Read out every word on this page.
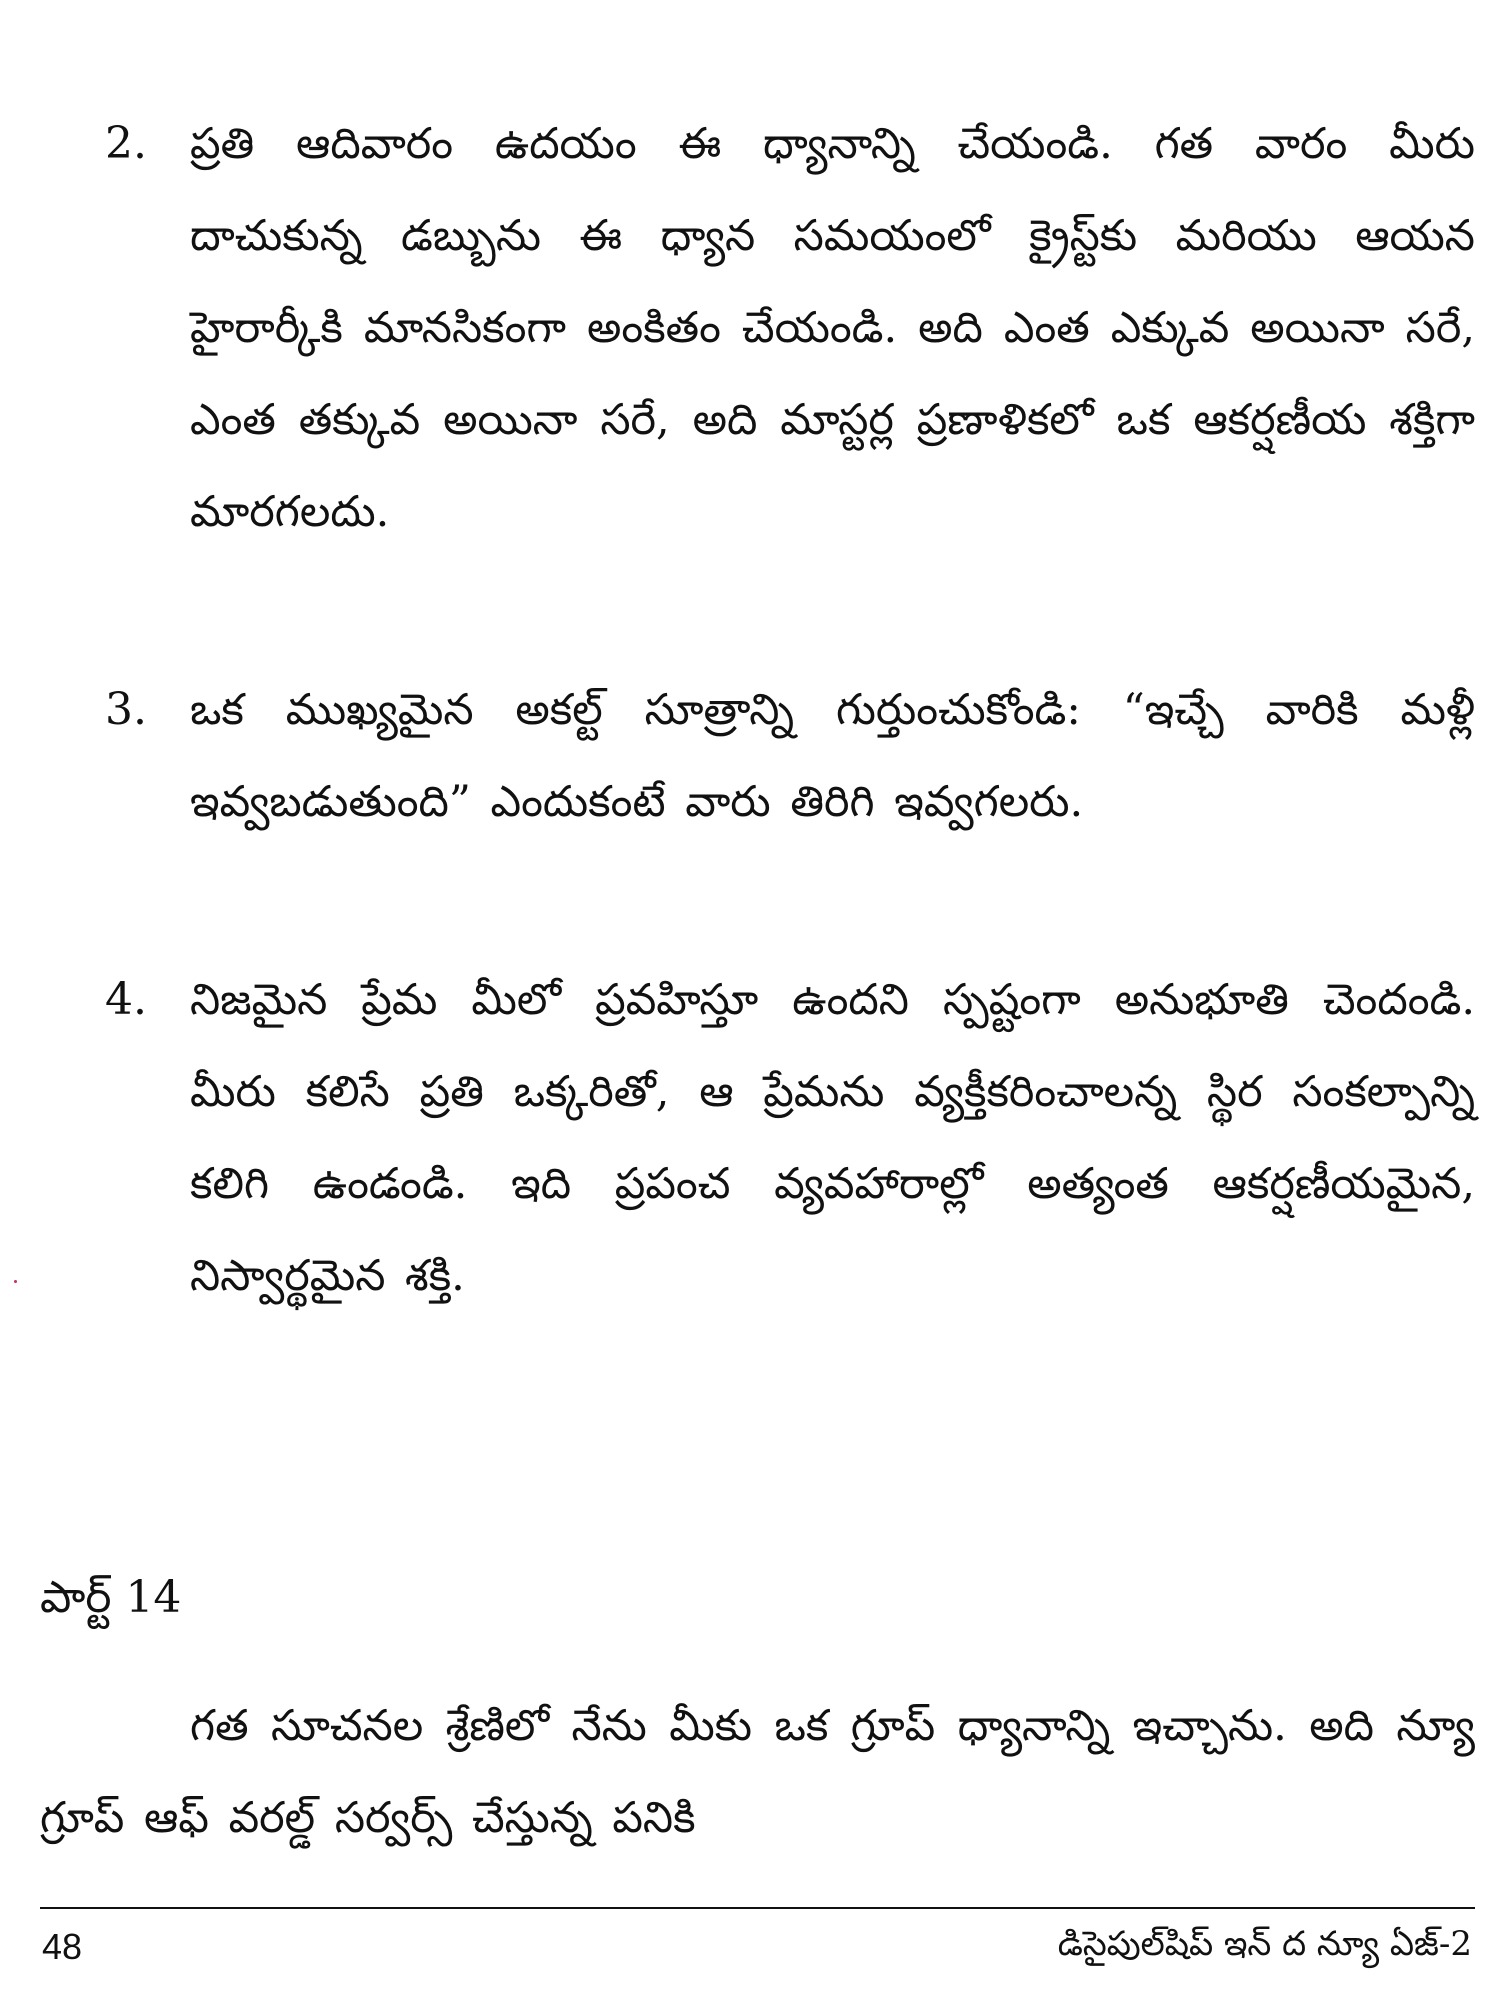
2. ప్రతి ఆదివారం ఉదయం ఈ ధ్యానాన్ని చేయండి. గత వారం మీరు దాచుకున్న డబ్బును ఈ ధ్యాన సమయంలో క్రైస్ట్‌కు మరియు ఆయన హైరార్కీకి మానసికంగా అంకితం చేయండి. అది ఎంత ఎక్కువ అయినా సరే, ఎంత తక్కువ అయినా సరే, అది మాస్టర్ల ప్రణాళికలో ఒక ఆకర్షణీయ శక్తిగా మారగలదు.
3. ఒక ముఖ్యమైన అకల్ట్ సూత్రాన్ని గుర్తుంచుకోండి: “ఇచ్చే వారికి మళ్లీ ఇవ్వబడుతుంది” ఎందుకంటే వారు తిరిగి ఇవ్వగలరు.
4. నిజమైన ప్రేమ మీలో ప్రవహిస్తూ ఉందని స్పష్టంగా అనుభూతి చెందండి. మీరు కలిసే ప్రతి ఒక్కరితో, ఆ ప్రేమను వ్యక్తీకరించాలన్న స్థిర సంకల్పాన్ని కలిగి ఉండండి. ఇది ప్రపంచ వ్యవహారాల్లో అత్యంత ఆకర్షణీయమైన, నిస్వార్థమైన శక్తి.
పార్ట్ 14
గత సూచనల శ్రేణిలో నేను మీకు ఒక గ్రూప్ ధ్యానాన్ని ఇచ్చాను. అది న్యూ గ్రూప్ ఆఫ్ వరల్డ్ సర్వర్స్ చేస్తున్న పనికి
48	డిసైపుల్‌షిప్ ఇన్ ద న్యూ ఏజ్-2
